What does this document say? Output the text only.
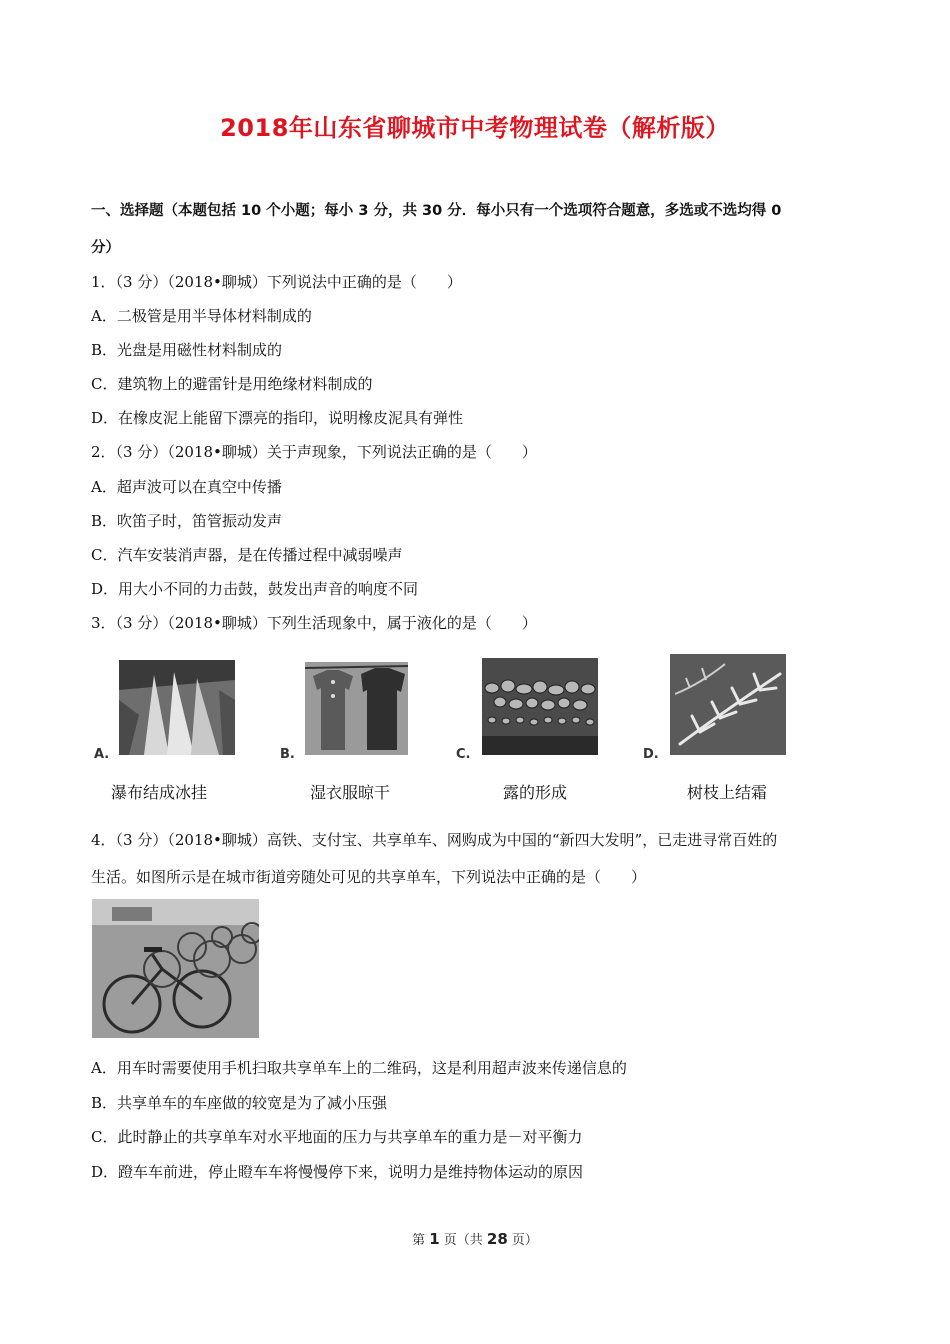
2018年山东省聊城市中考物理试卷（解析版）
一、选择题（本题包括 10 个小题；每小 3 分，共 30 分．每小只有一个选项符合题意，多选或不选均得 0
分）
1．（3 分）（2018•聊城）下列说法中正确的是（　　）
A．二极管是用半导体材料制成的
B．光盘是用磁性材料制成的
C．建筑物上的避雷针是用绝缘材料制成的
D．在橡皮泥上能留下漂亮的指印，说明橡皮泥具有弹性
2．（3 分）（2018•聊城）关于声现象，下列说法正确的是（　　）
A．超声波可以在真空中传播
B．吹笛子时，笛管振动发声
C．汽车安装消声器，是在传播过程中减弱噪声
D．用大小不同的力击鼓，鼓发出声音的响度不同
3．（3 分）（2018•聊城）下列生活现象中，属于液化的是（　　）
A.	B.	C.	D.
瀑布结成冰挂	湿衣服晾干	露的形成	树枝上结霜
4．（3 分）（2018•聊城）高铁、支付宝、共享单车、网购成为中国的“新四大发明”，已走进寻常百姓的
生活。如图所示是在城市街道旁随处可见的共享单车，下列说法中正确的是（　　）
A．用车时需要使用手机扫取共享单车上的二维码，这是利用超声波来传递信息的
B．共享单车的车座做的较宽是为了减小压强
C．此时静止的共享单车对水平地面的压力与共享单车的重力是－对平衡力
D．蹬车车前进，停止瞪车车将慢慢停下来，说明力是维持物体运动的原因
第 1 页（共 28 页）
